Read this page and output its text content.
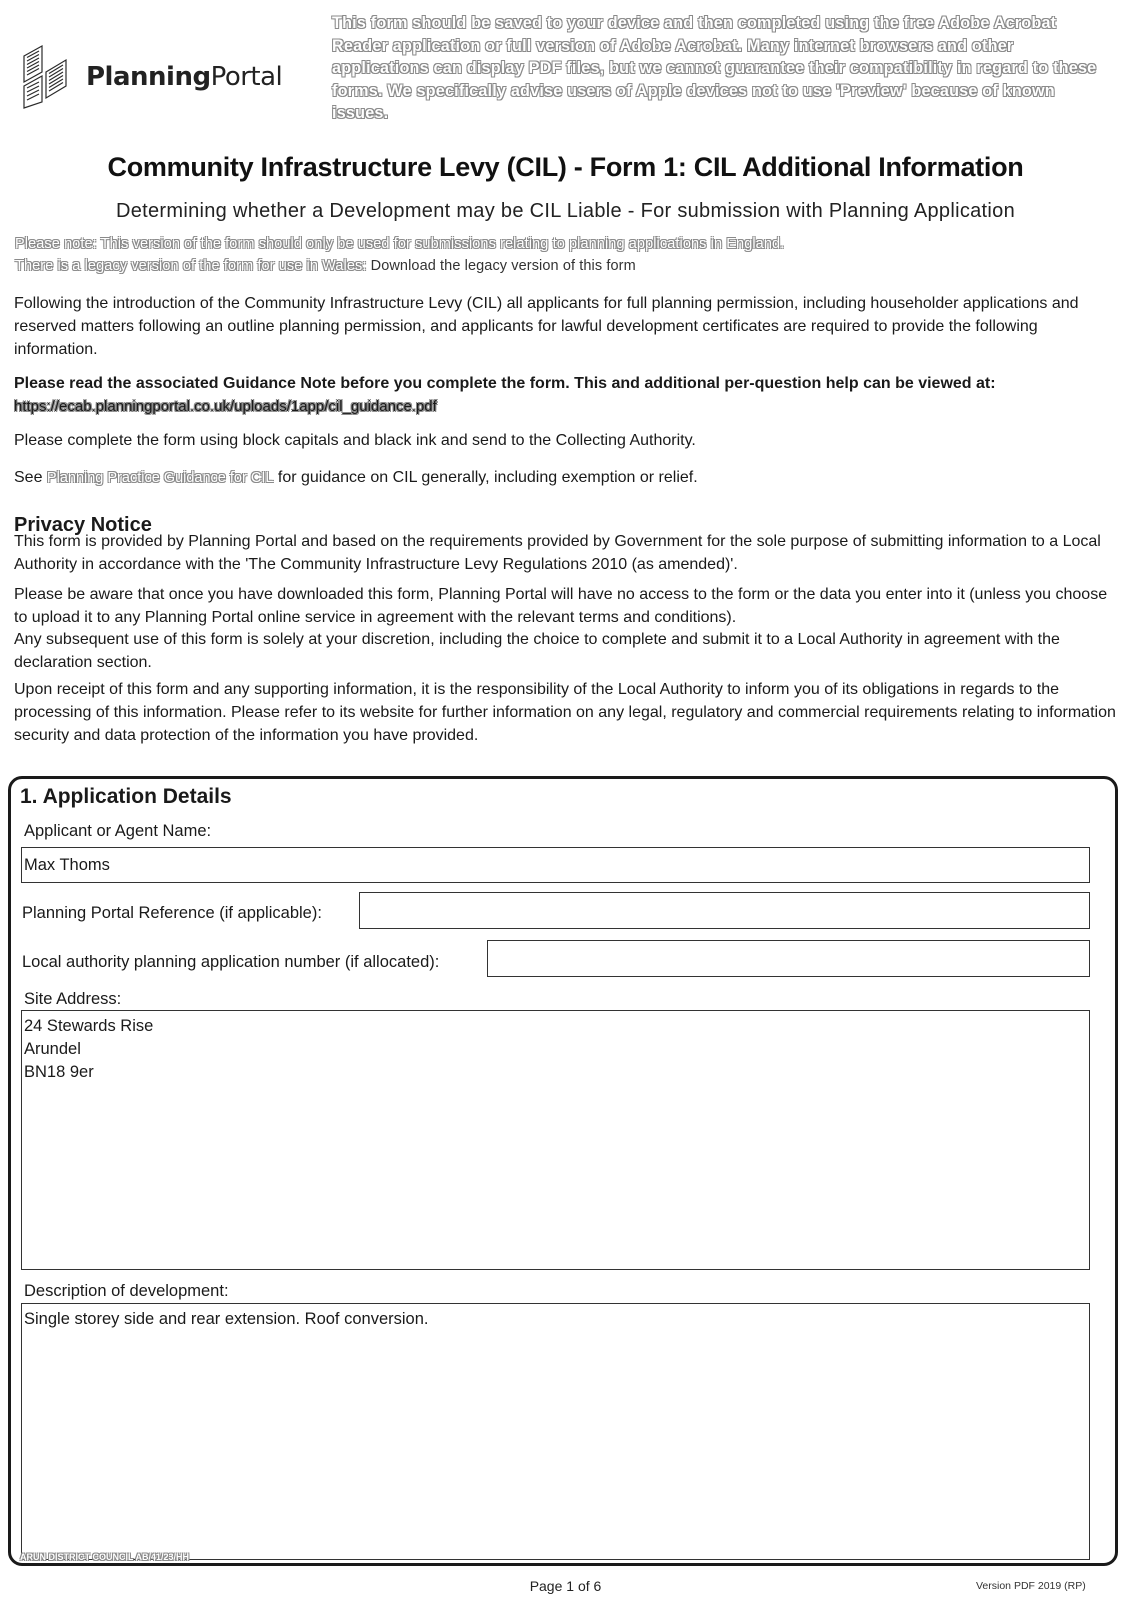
PlanningPortal
This form should be saved to your device and then completed using the free Adobe Acrobat Reader application or full version of Adobe Acrobat. Many internet browsers and other applications can display PDF files, but we cannot guarantee their compatibility in regard to these forms. We specifically advise users of Apple devices not to use 'Preview' because of known issues.
Community Infrastructure Levy (CIL) - Form 1: CIL Additional Information
Determining whether a Development may be CIL Liable - For submission with Planning Application
Please note: This version of the form should only be used for submissions relating to planning applications in England.
There is a legacy version of the form for use in Wales: Download the legacy version of this form
Following the introduction of the Community Infrastructure Levy (CIL) all applicants for full planning permission, including householder applications and reserved matters following an outline planning permission, and applicants for lawful development certificates are required to provide the following information.
Please read the associated Guidance Note before you complete the form. This and additional per-question help can be viewed at:
https://ecab.planningportal.co.uk/uploads/1app/cil_guidance.pdf
Please complete the form using block capitals and black ink and send to the Collecting Authority.
See Planning Practice Guidance for CIL for guidance on CIL generally, including exemption or relief.
Privacy Notice
This form is provided by Planning Portal and based on the requirements provided by Government for the sole purpose of submitting information to a Local Authority in accordance with the 'The Community Infrastructure Levy Regulations 2010 (as amended)'.
Please be aware that once you have downloaded this form, Planning Portal will have no access to the form or the data you enter into it (unless you choose to upload it to any Planning Portal online service in agreement with the relevant terms and conditions).
Any subsequent use of this form is solely at your discretion, including the choice to complete and submit it to a Local Authority in agreement with the declaration section.
Upon receipt of this form and any supporting information, it is the responsibility of the Local Authority to inform you of its obligations in regards to the processing of this information. Please refer to its website for further information on any legal, regulatory and commercial requirements relating to information security and data protection of the information you have provided.
1. Application Details
Applicant or Agent Name:
Max Thoms
Planning Portal Reference (if applicable):
Local authority planning application number (if allocated):
Site Address:
24 Stewards Rise
Arundel
BN18 9er
Description of development:
Single storey side and rear extension. Roof conversion.
ARUN DISTRICT COUNCIL AB/41/23/HH
Page 1 of 6	Version PDF 2019 (RP)
